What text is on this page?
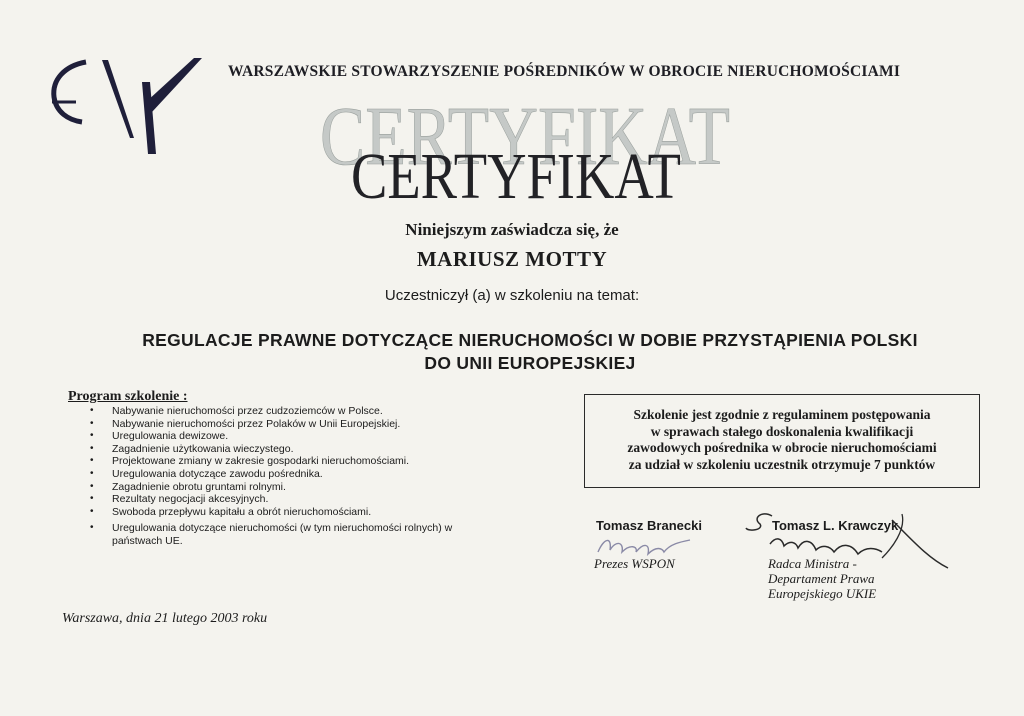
WARSZAWSKIE STOWARZYSZENIE POŚREDNIKÓW W OBROCIE NIERUCHOMOŚCIAMI
CERTYFIKAT
CERTYFIKAT
Niniejszym zaświadcza się, że
MARIUSZ MOTTY
Uczestniczył (a) w szkoleniu na temat:
REGULACJE PRAWNE DOTYCZĄCE NIERUCHOMOŚCI W DOBIE PRZYSTĄPIENIA POLSKI
DO UNII EUROPEJSKIEJ
Program szkolenie :
• Nabywanie nieruchomości przez cudzoziemców w Polsce.
• Nabywanie nieruchomości przez Polaków w Unii Europejskiej.
• Uregulowania dewizowe.
• Zagadnienie użytkowania wieczystego.
• Projektowane zmiany w zakresie gospodarki nieruchomościami.
• Uregulowania dotyczące zawodu pośrednika.
• Zagadnienie obrotu gruntami rolnymi.
• Rezultaty negocjacji akcesyjnych.
• Swoboda przepływu kapitału a obrót nieruchomościami.
• Uregulowania dotyczące nieruchomości (w tym nieruchomości rolnych) w
państwach UE.
Szkolenie jest zgodnie z regulaminem postępowania
w sprawach stałego doskonalenia kwalifikacji
zawodowych pośrednika w obrocie nieruchomościami
za udział w szkoleniu uczestnik otrzymuje 7 punktów
Tomasz Branecki
Prezes WSPON
Tomasz L. Krawczyk
Radca Ministra -
Departament Prawa
Europejskiego UKIE
Warszawa, dnia 21 lutego 2003 roku
